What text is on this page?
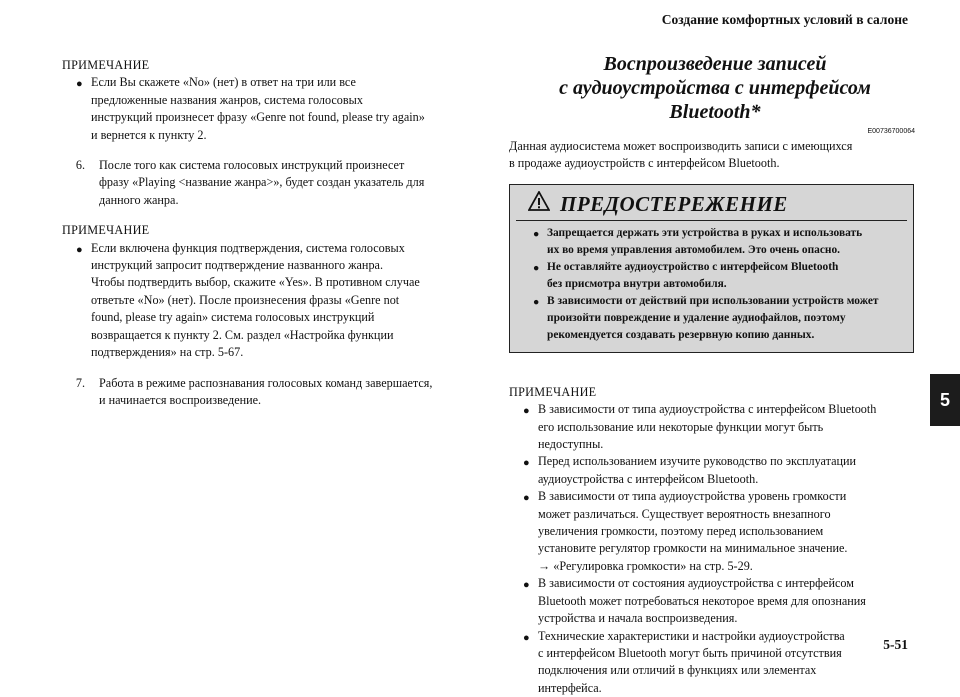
Создание комфортных условий в салоне
5
5-51
ПРИМЕЧАНИЕ
● Если Вы скажете «No» (нет) в ответ на три или все
предложенные названия жанров, система голосовых
инструкций произнесет фразу «Genre not found, please try again»
и вернется к пункту 2.
6.	После того как система голосовых инструкций произнесет
фразу «Playing <название жанра>», будет создан указатель для
данного жанра.
ПРИМЕЧАНИЕ
● Если включена функция подтверждения, система голосовых
инструкций запросит подтверждение названного жанра.
Чтобы подтвердить выбор, скажите «Yes». В противном случае
ответьте «No» (нет). После произнесения фразы «Genre not
found, please try again» система голосовых инструкций
возвращается к пункту 2. См. раздел «Настройка функции
подтверждения» на стр. 5-67.
7.	Работа в режиме распознавания голосовых команд завершается,
и начинается воспроизведение.
Воспроизведение записей
с аудиоустройства с интерфейсом
Bluetooth*
E00736700064
Данная аудиосистема может воспроизводить записи с имеющихся
в продаже аудиоустройств с интерфейсом Bluetooth.
ПРЕДОСТЕРЕЖЕНИЕ
● Запрещается держать эти устройства в руках и использовать
их во время управления автомобилем. Это очень опасно.
● Не оставляйте аудиоустройство с интерфейсом Bluetooth
без присмотра внутри автомобиля.
● В зависимости от действий при использовании устройств может
произойти повреждение и удаление аудиофайлов, поэтому
рекомендуется создавать резервную копию данных.
ПРИМЕЧАНИЕ
● В зависимости от типа аудиоустройства с интерфейсом Bluetooth
его использование или некоторые функции могут быть
недоступны.
● Перед использованием изучите руководство по эксплуатации
аудиоустройства с интерфейсом Bluetooth.
● В зависимости от типа аудиоустройства уровень громкости
может различаться. Существует вероятность внезапного
увеличения громкости, поэтому перед использованием
установите регулятор громкости на минимальное значение.
→ «Регулировка громкости» на стр. 5-29.
● В зависимости от состояния аудиоустройства с интерфейсом
Bluetooth может потребоваться некоторое время для опознания
устройства и начала воспроизведения.
● Технические характеристики и настройки аудиоустройства
с интерфейсом Bluetooth могут быть причиной отсутствия
подключения или отличий в функциях или элементах
интерфейса.
